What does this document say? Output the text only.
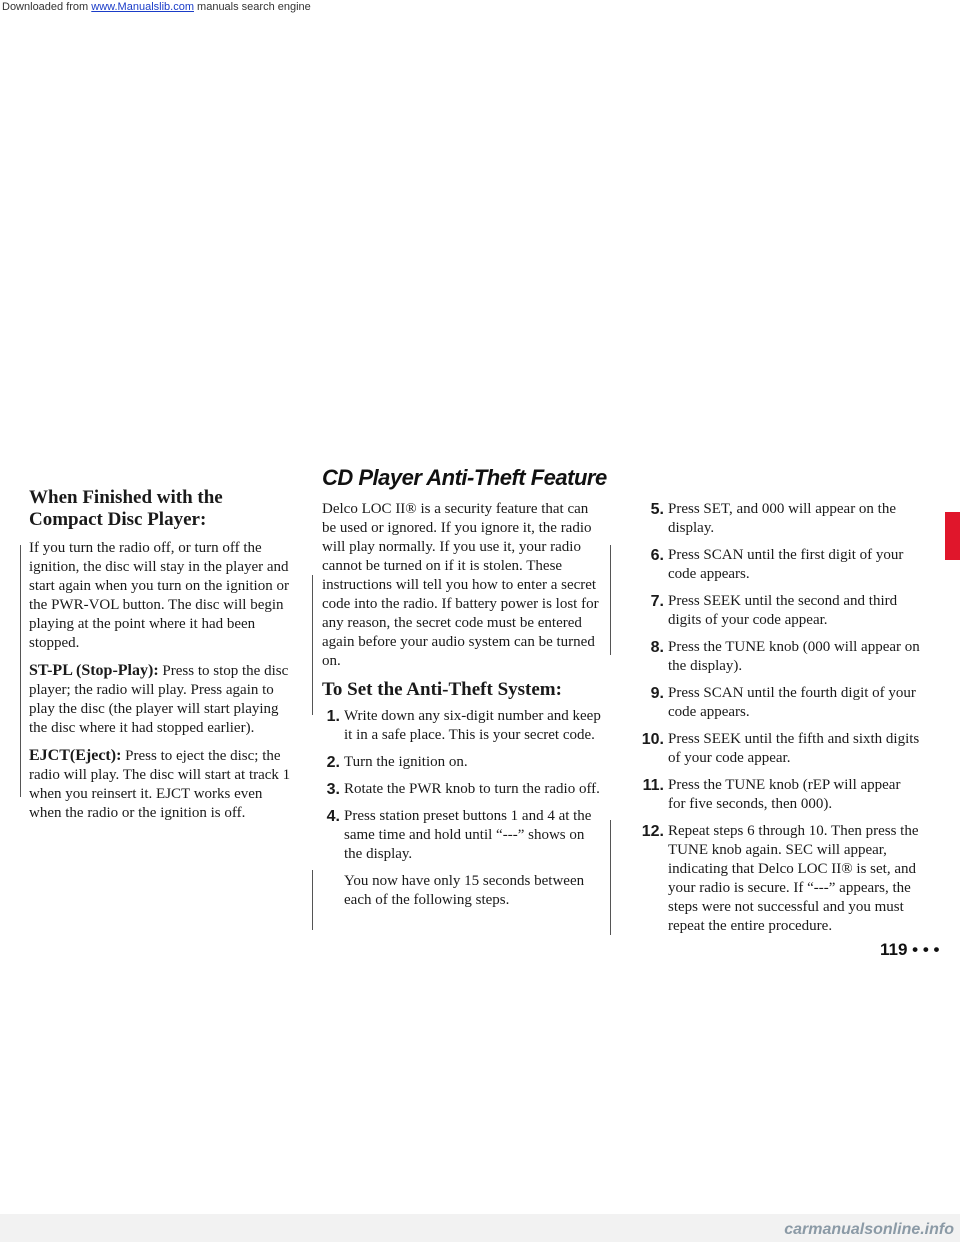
Downloaded from www.Manualslib.com manuals search engine
CD Player Anti-Theft Feature
When Finished with the Compact Disc Player:

If you turn the radio off, or turn off the ignition, the disc will stay in the player and start again when you turn on the ignition or the PWR-VOL button. The disc will begin playing at the point where it had been stopped.

ST-PL (Stop-Play): Press to stop the disc player; the radio will play. Press again to play the disc (the player will start playing the disc where it had stopped earlier).

EJCT(Eject): Press to eject the disc; the radio will play. The disc will start at track 1 when you reinsert it. EJCT works even when the radio or the ignition is off.

Delco LOC II® is a security feature that can be used or ignored. If you ignore it, the radio will play normally. If you use it, your radio cannot be turned on if it is stolen. These instructions will tell you how to enter a secret code into the radio. If battery power is lost for any reason, the secret code must be entered again before your audio system can be turned on.

To Set the Anti-Theft System:
1. Write down any six-digit number and keep it in a safe place. This is your secret code.
2. Turn the ignition on.
3. Rotate the PWR knob to turn the radio off.
4. Press station preset buttons 1 and 4 at the same time and hold until “---” shows on the display.

You now have only 15 seconds between each of the following steps.

5. Press SET, and 000 will appear on the display.
6. Press SCAN until the first digit of your code appears.
7. Press SEEK until the second and third digits of your code appear.
8. Press the TUNE knob (000 will appear on the display).
9. Press SCAN until the fourth digit of your code appears.
10. Press SEEK until the fifth and sixth digits of your code appear.
11. Press the TUNE knob (rEP will appear for five seconds, then 000).
12. Repeat steps 6 through 10. Then press the TUNE knob again. SEC will appear, indicating that Delco LOC II® is set, and your radio is secure. If “---” appears, the steps were not successful and you must repeat the entire procedure.
119 • • •
carmanualsonline.info
